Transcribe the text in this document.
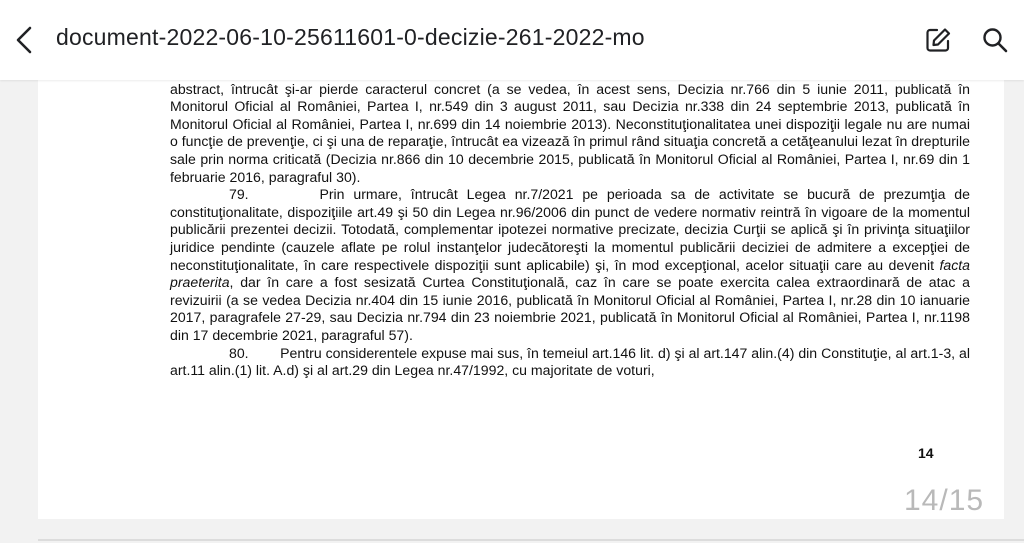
abstract, întrucât şi-ar pierde caracterul concret (a se vedea, în acest sens, Decizia nr.766 din 5 iunie 2011, publicată în Monitorul Oficial al României, Partea I, nr.549 din 3 august 2011, sau Decizia nr.338 din 24 septembrie 2013, publicată în Monitorul Oficial al României, Partea I, nr.699 din 14 noiembrie 2013). Neconstituţionalitatea unei dispoziţii legale nu are numai o funcţie de prevenţie, ci şi una de reparaţie, întrucât ea vizează în primul rând situaţia concretă a cetăţeanului lezat în drepturile sale prin norma criticată (Decizia nr.866 din 10 decembrie 2015, publicată în Monitorul Oficial al României, Partea I, nr.69 din 1 februarie 2016, paragraful 30).

79.        Prin urmare, întrucât Legea nr.7/2021 pe perioada sa de activitate se bucură de prezumţia de constituţionalitate, dispoziţiile art.49 şi 50 din Legea nr.96/2006 din punct de vedere normativ reintră în vigoare de la momentul publicării prezentei decizii. Totodată, complementar ipotezei normative precizate, decizia Curţii se aplică şi în privinţa situaţiilor juridice pendinte (cauzele aflate pe rolul instanţelor judecătoreşti la momentul publicării deciziei de admitere a excepţiei de neconstituţionalitate, în care respectivele dispoziţii sunt aplicabile) şi, în mod excepţional, acelor situaţii care au devenit facta praeterita, dar în care a fost sesizată Curtea Constituţională, caz în care se poate exercita calea extraordinară de atac a revizuirii (a se vedea Decizia nr.404 din 15 iunie 2016, publicată în Monitorul Oficial al României, Partea I, nr.28 din 10 ianuarie 2017, paragrafele 27-29, sau Decizia nr.794 din 23 noiembrie 2021, publicată în Monitorul Oficial al României, Partea I, nr.1198 din 17 decembrie 2021, paragraful 57).

80.        Pentru considerentele expuse mai sus, în temeiul art.146 lit. d) şi al art.147 alin.(4) din Constituţie, al art.1-3, al art.11 alin.(1) lit. A.d) şi al art.29 din Legea nr.47/1992, cu majoritate de voturi,

14
14/15
document-2022-06-10-25611601-0-decizie-261-2022-mo
